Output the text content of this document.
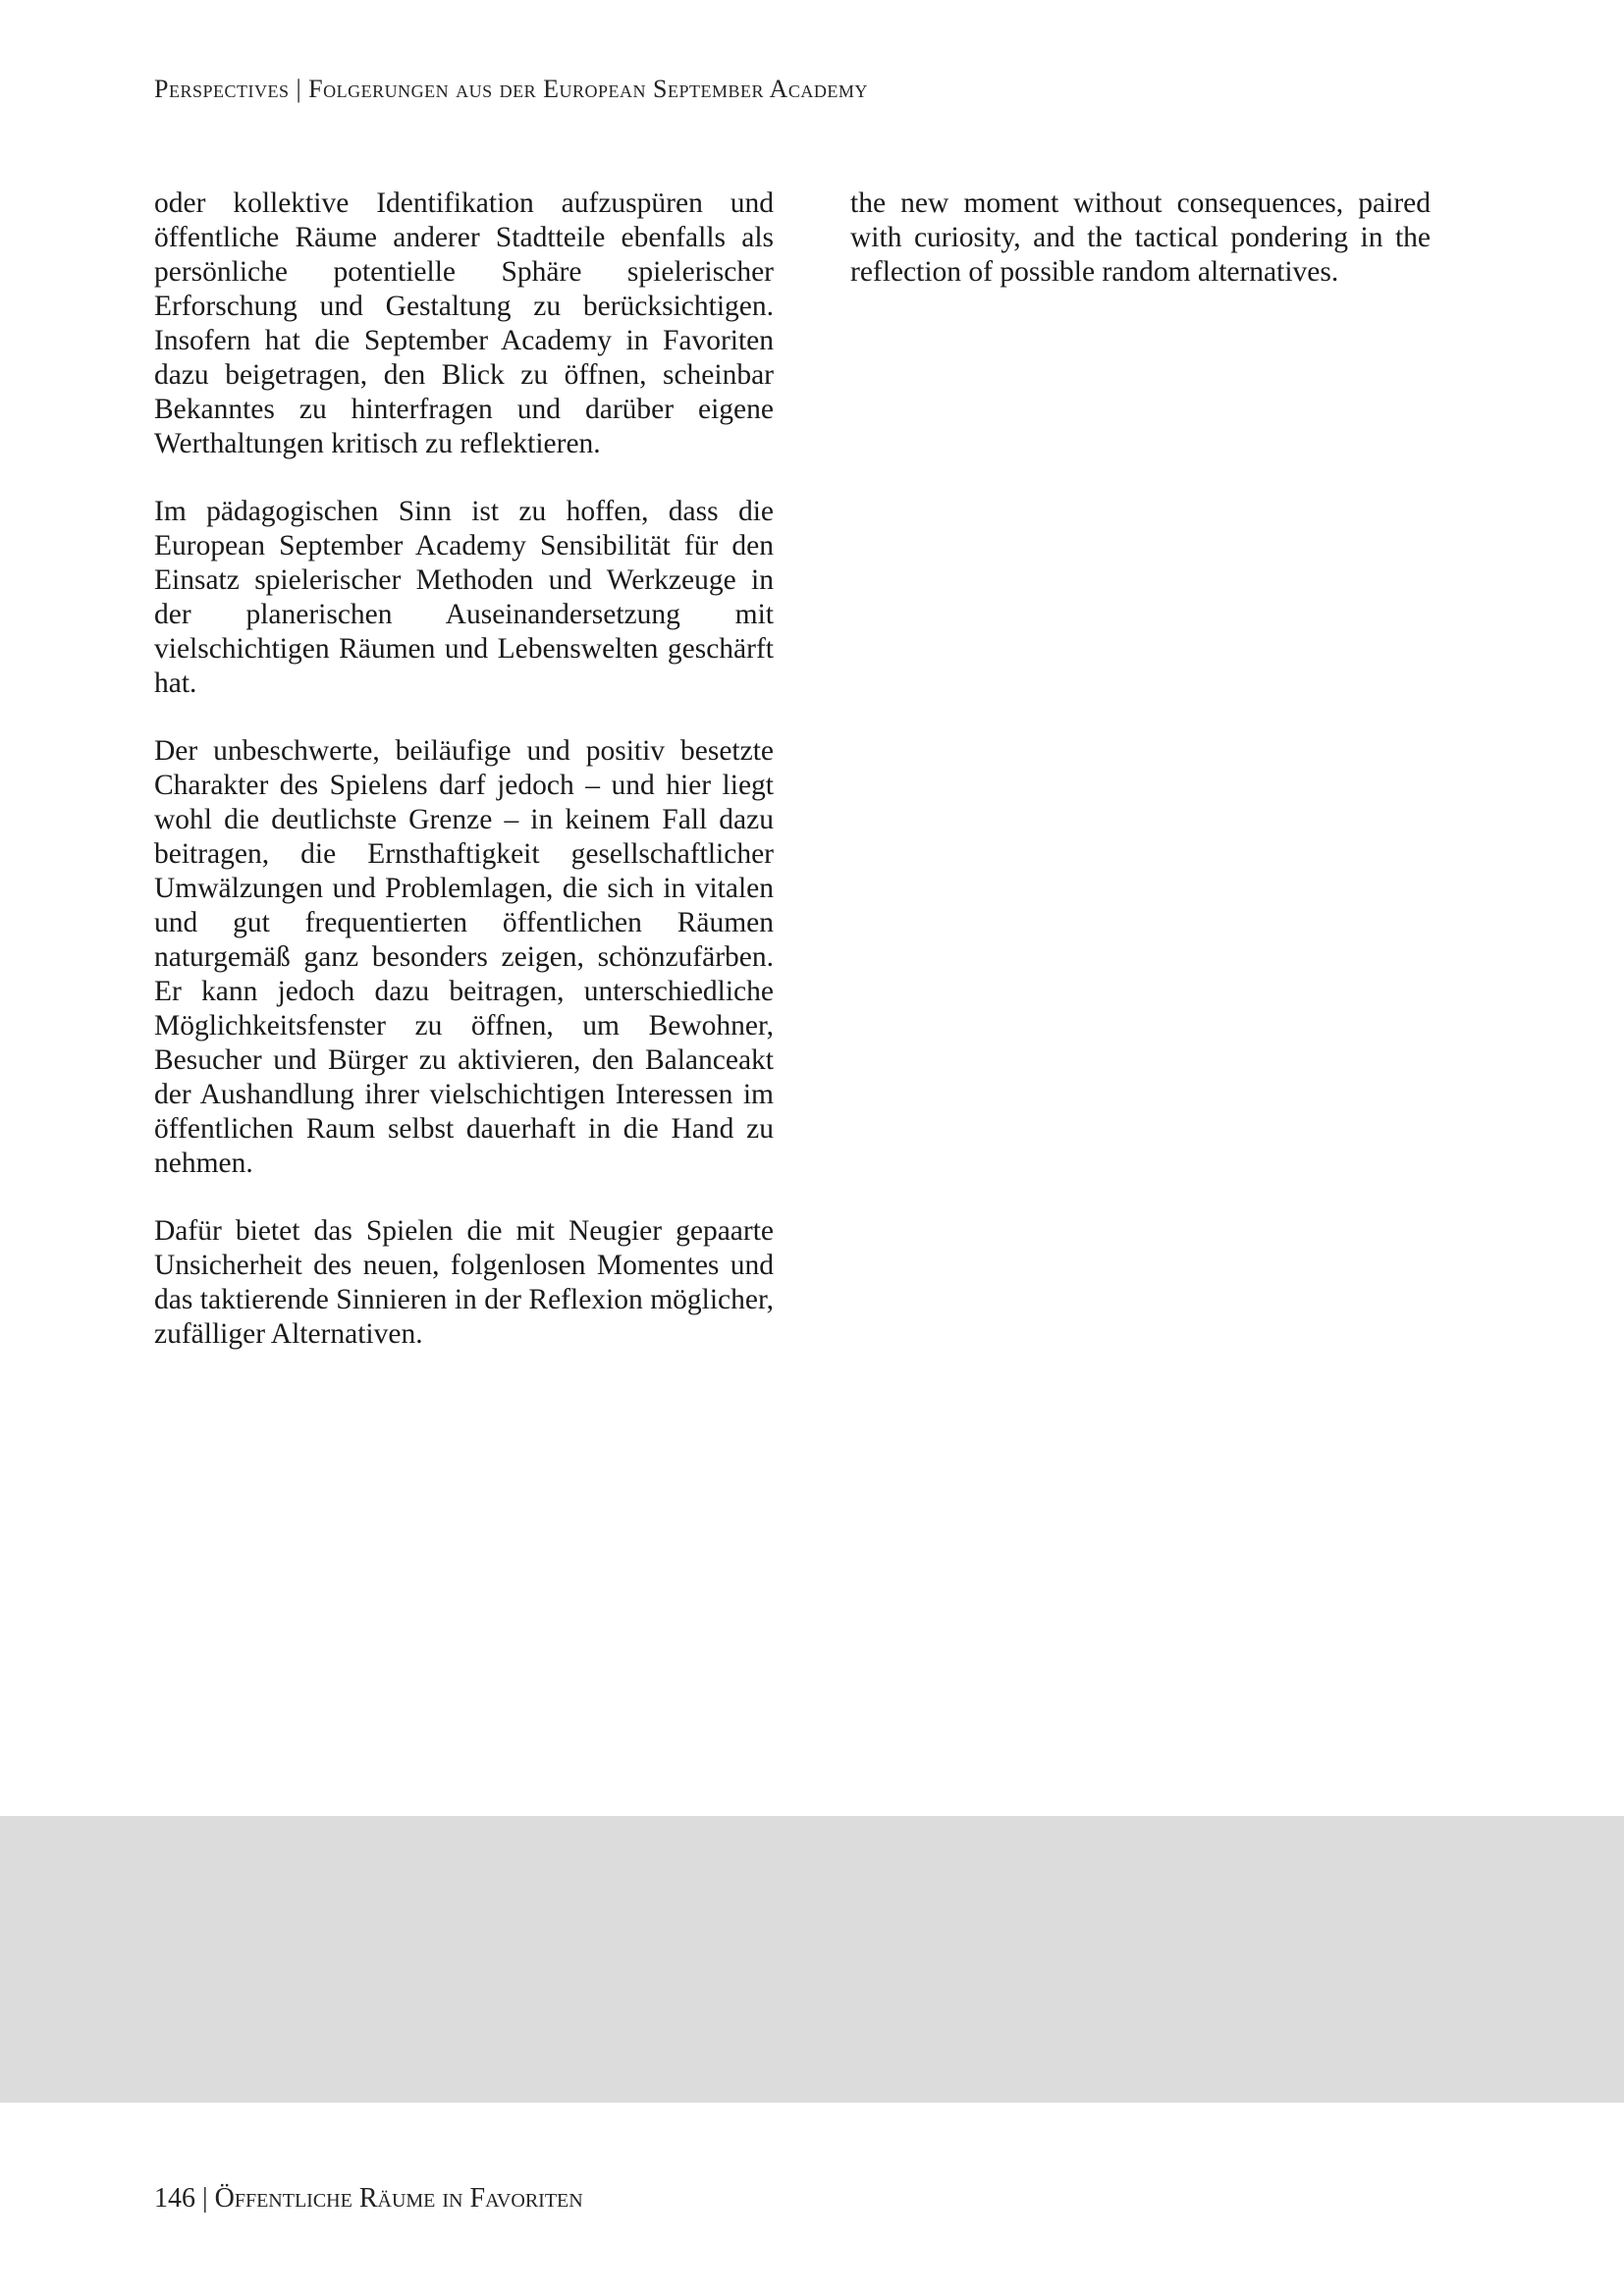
Perspectives | Folgerungen aus der European September Academy

oder kollektive Identifikation aufzuspüren und öffentliche Räume anderer Stadtteile ebenfalls als persönliche potentielle Sphäre spielerischer Erforschung und Gestaltung zu berücksichtigen. Insofern hat die September Academy in Favoriten dazu beigetragen, den Blick zu öffnen, scheinbar Bekanntes zu hinterfragen und darüber eigene Werthaltungen kritisch zu reflektieren.

Im pädagogischen Sinn ist zu hoffen, dass die European September Academy Sensibilität für den Einsatz spielerischer Methoden und Werkzeuge in der planerischen Auseinandersetzung mit vielschichtigen Räumen und Lebenswelten geschärft hat.

Der unbeschwerte, beiläufige und positiv besetzte Charakter des Spielens darf jedoch – und hier liegt wohl die deutlichste Grenze – in keinem Fall dazu beitragen, die Ernsthaftigkeit gesellschaftlicher Umwälzungen und Problemlagen, die sich in vitalen und gut frequentierten öffentlichen Räumen naturgemäß ganz besonders zeigen, schönzufärben. Er kann jedoch dazu beitragen, unterschiedliche Möglichkeitsfenster zu öffnen, um Bewohner, Besucher und Bürger zu aktivieren, den Balanceakt der Aushandlung ihrer vielschichtigen Interessen im öffentlichen Raum selbst dauerhaft in die Hand zu nehmen.

Dafür bietet das Spielen die mit Neugier gepaarte Unsicherheit des neuen, folgenlosen Momentes und das taktierende Sinnieren in der Reflexion möglicher, zufälliger Alternativen.

the new moment without consequences, paired with curiosity, and the tactical pondering in the reflection of possible random alternatives.

146 | Öffentliche Räume in Favoriten
